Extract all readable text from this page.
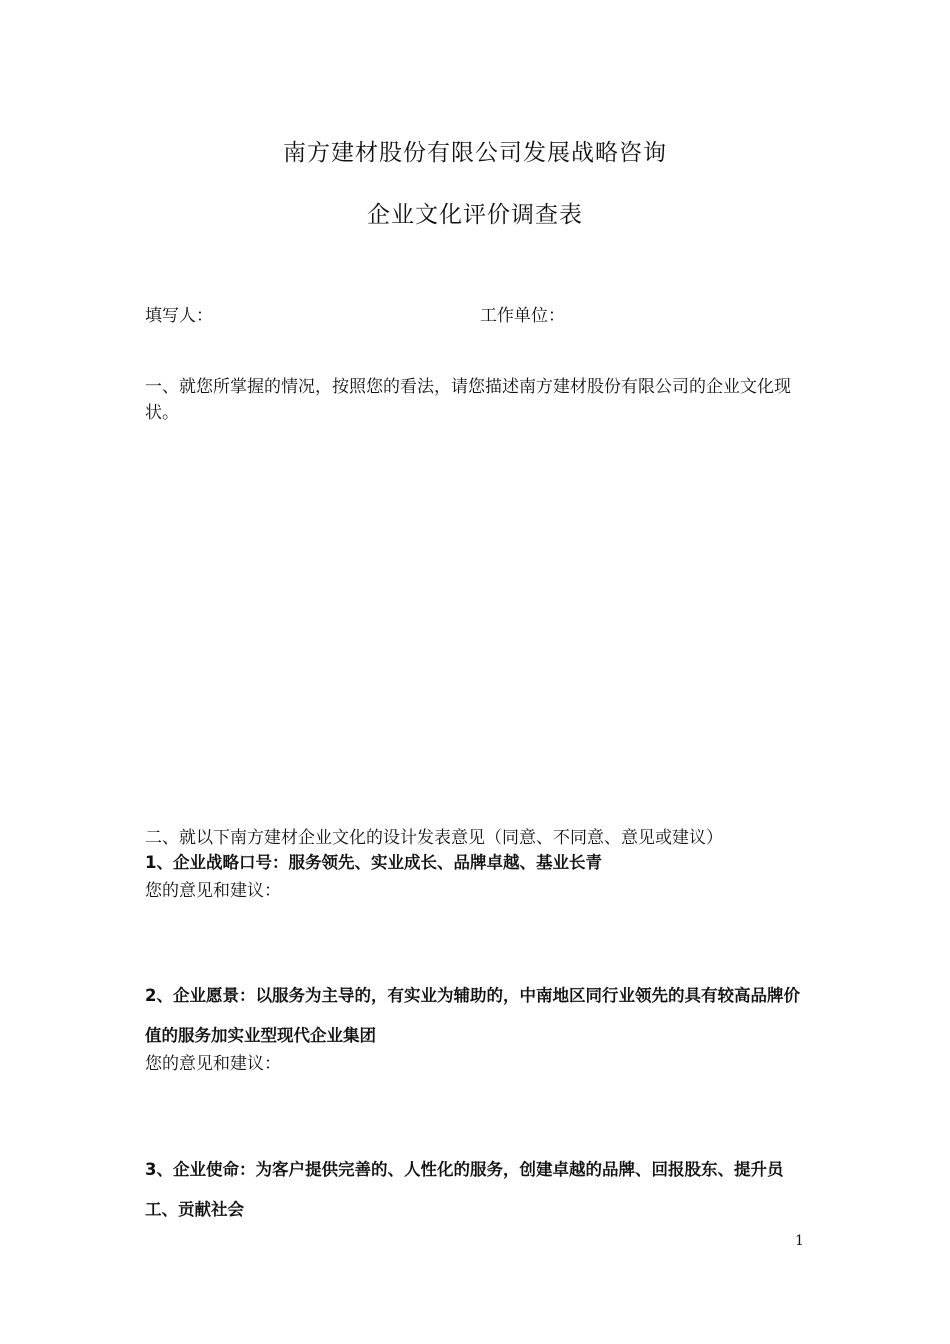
南方建材股份有限公司发展战略咨询
企业文化评价调查表
填写人：	工作单位：
一、就您所掌握的情况，按照您的看法，请您描述南方建材股份有限公司的企业文化现状。
二、就以下南方建材企业文化的设计发表意见（同意、不同意、意见或建议）
1、企业战略口号：服务领先、实业成长、品牌卓越、基业长青
您的意见和建议：
2、企业愿景：以服务为主导的，有实业为辅助的，中南地区同行业领先的具有较高品牌价值的服务加实业型现代企业集团
您的意见和建议：
3、企业使命：为客户提供完善的、人性化的服务，创建卓越的品牌、回报股东、提升员工、贡献社会
1
